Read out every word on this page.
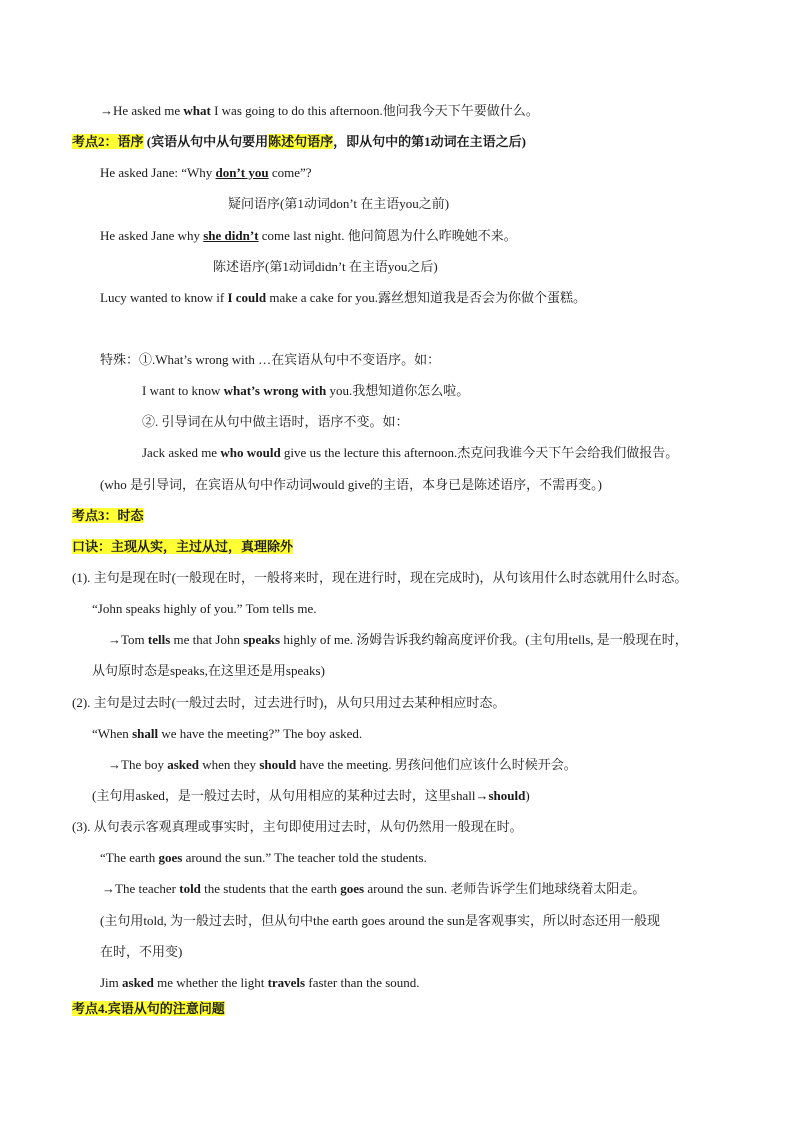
→He asked me what I was going to do this afternoon.他问我今天下午要做什么。
考点2：语序 (宾语从句中从句要用陈述句语序，即从句中的第1动词在主语之后)
He asked Jane: “Why don’t you come”?
疑问语序(第1动词don’t 在主语you之前)
He asked Jane why she didn’t come last night. 他问简恩为什么昨晚她不来。
陈述语序(第1动词didn’t 在主语you之后)
Lucy wanted to know if I could make a cake for you.露丝想知道我是否会为你做个蛋糕。
特殊：①.What’s wrong with …在宾语从句中不变语序。如：
I want to know what’s wrong with you.我想知道你怎么啦。
②. 引导词在从句中做主语时，语序不变。如：
Jack asked me who would give us the lecture this afternoon.杰克问我谁今天下午会给我们做报告。
(who 是引导词，在宾语从句中作动词would give的主语，本身已是陈述语序，不需再变。)
考点3：时态
口诀：主现从实，主过从过，真理除外
(1). 主句是现在时(一般现在时，一般将来时，现在进行时，现在完成时)，从句该用什么时态就用什么时态。
“John speaks highly of you.” Tom tells me.
→Tom tells me that John speaks highly of me. 汤姆告诉我约翰高度评价我。(主句用tells, 是一般现在时，
从句原时态是speaks,在这里还是用speaks)
(2). 主句是过去时(一般过去时，过去进行时)，从句只用过去某种相应时态。
“When shall we have the meeting?” The boy asked.
→The boy asked when they should have the meeting. 男孩问他们应该什么时候开会。
(主句用asked，是一般过去时，从句用相应的某种过去时，这里shall→should)
(3). 从句表示客观真理或事实时，主句即使用过去时，从句仍然用一般现在时。
“The earth goes around the sun.” The teacher told the students.
→The teacher told the students that the earth goes around the sun. 老师告诉学生们地球绕着太阳走。
(主句用told, 为一般过去时，但从句中the earth goes around the sun是客观事实，所以时态还用一般现
在时，不用变)
Jim asked me whether the light travels faster than the sound.
考点4.宾语从句的注意问题
